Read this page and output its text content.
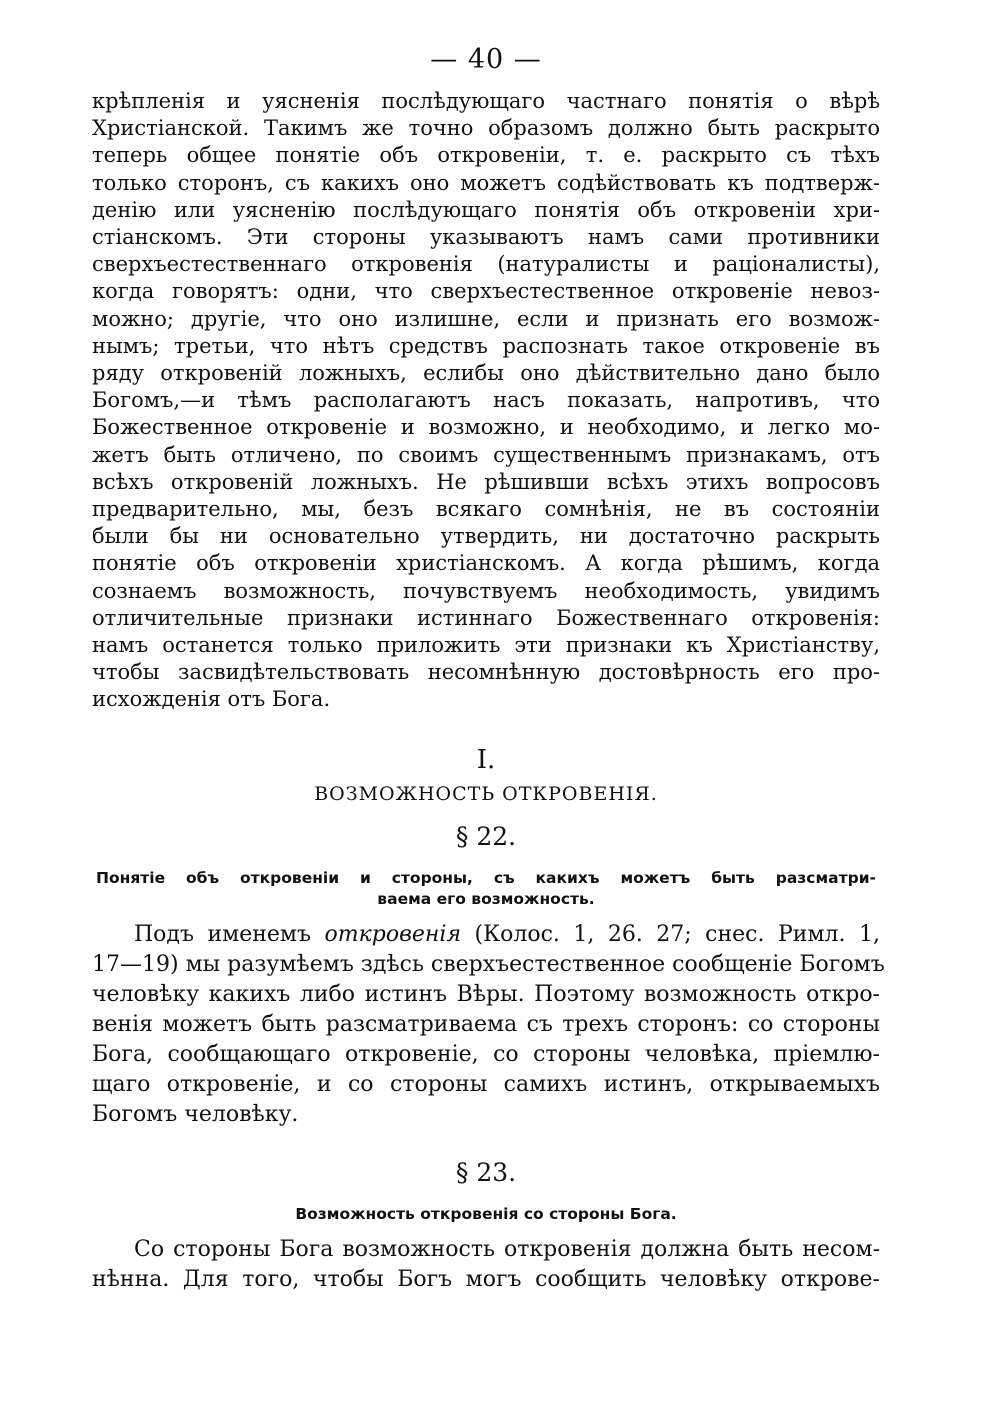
— 40 —
крѣпленія и уясненія послѣдующаго частнаго понятія о вѣрѣ
Христіанской. Такимъ же точно образомъ должно быть раскрыто
теперь общее понятіе объ откровеніи, т. е. раскрыто съ тѣхъ
только сторонъ, съ какихъ оно можетъ содѣйствовать къ подтверж-
денію или уясненію послѣдующаго понятія объ откровеніи хри-
стіанскомъ. Эти стороны указываютъ намъ сами противники
сверхъестественнаго откровенія (натуралисты и раціоналисты),
когда говорятъ: одни, что сверхъестественное откровеніе невоз-
можно; другіе, что оно излишне, если и признать его возмож-
нымъ; третьи, что нѣтъ средствъ распознать такое откровеніе въ
ряду откровеній ложныхъ, еслибы оно дѣйствительно дано было
Богомъ,—и тѣмъ располагаютъ насъ показать, напротивъ, что
Божественное откровеніе и возможно, и необходимо, и легко мо-
жетъ быть отличено, по своимъ существеннымъ признакамъ, отъ
всѣхъ откровеній ложныхъ. Не рѣшивши всѣхъ этихъ вопросовъ
предварительно, мы, безъ всякаго сомнѣнія, не въ состояніи
были бы ни основательно утвердить, ни достаточно раскрыть
понятіе объ откровеніи христіанскомъ. А когда рѣшимъ, когда
сознаемъ возможность, почувствуемъ необходимость, увидимъ
отличительные признаки истиннаго Божественнаго откровенія:
намъ останется только приложить эти признаки къ Христіанству,
чтобы засвидѣтельствовать несомнѣнную достовѣрность его про-
исхожденія отъ Бога.
I.
ВОЗМОЖНОСТЬ ОТКРОВЕНІЯ.
§ 22.
Понятіе объ откровеніи и стороны, съ какихъ можетъ быть разсматри-
ваема его возможность.
Подъ именемъ откровенія (Колос. 1, 26. 27; снес. Римл. 1,
17—19) мы разумѣемъ здѣсь сверхъестественное сообщеніе Богомъ
человѣку какихъ либо истинъ Вѣры. Поэтому возможность откро-
венія можетъ быть разсматриваема съ трехъ сторонъ: со стороны
Бога, сообщающаго откровеніе, со стороны человѣка, пріемлю-
щаго откровеніе, и со стороны самихъ истинъ, открываемыхъ
Богомъ человѣку.
§ 23.
Возможность откровенія со стороны Бога.
Со стороны Бога возможность откровенія должна быть несом-
нѣнна. Для того, чтобы Богъ могъ сообщить человѣку открове-
